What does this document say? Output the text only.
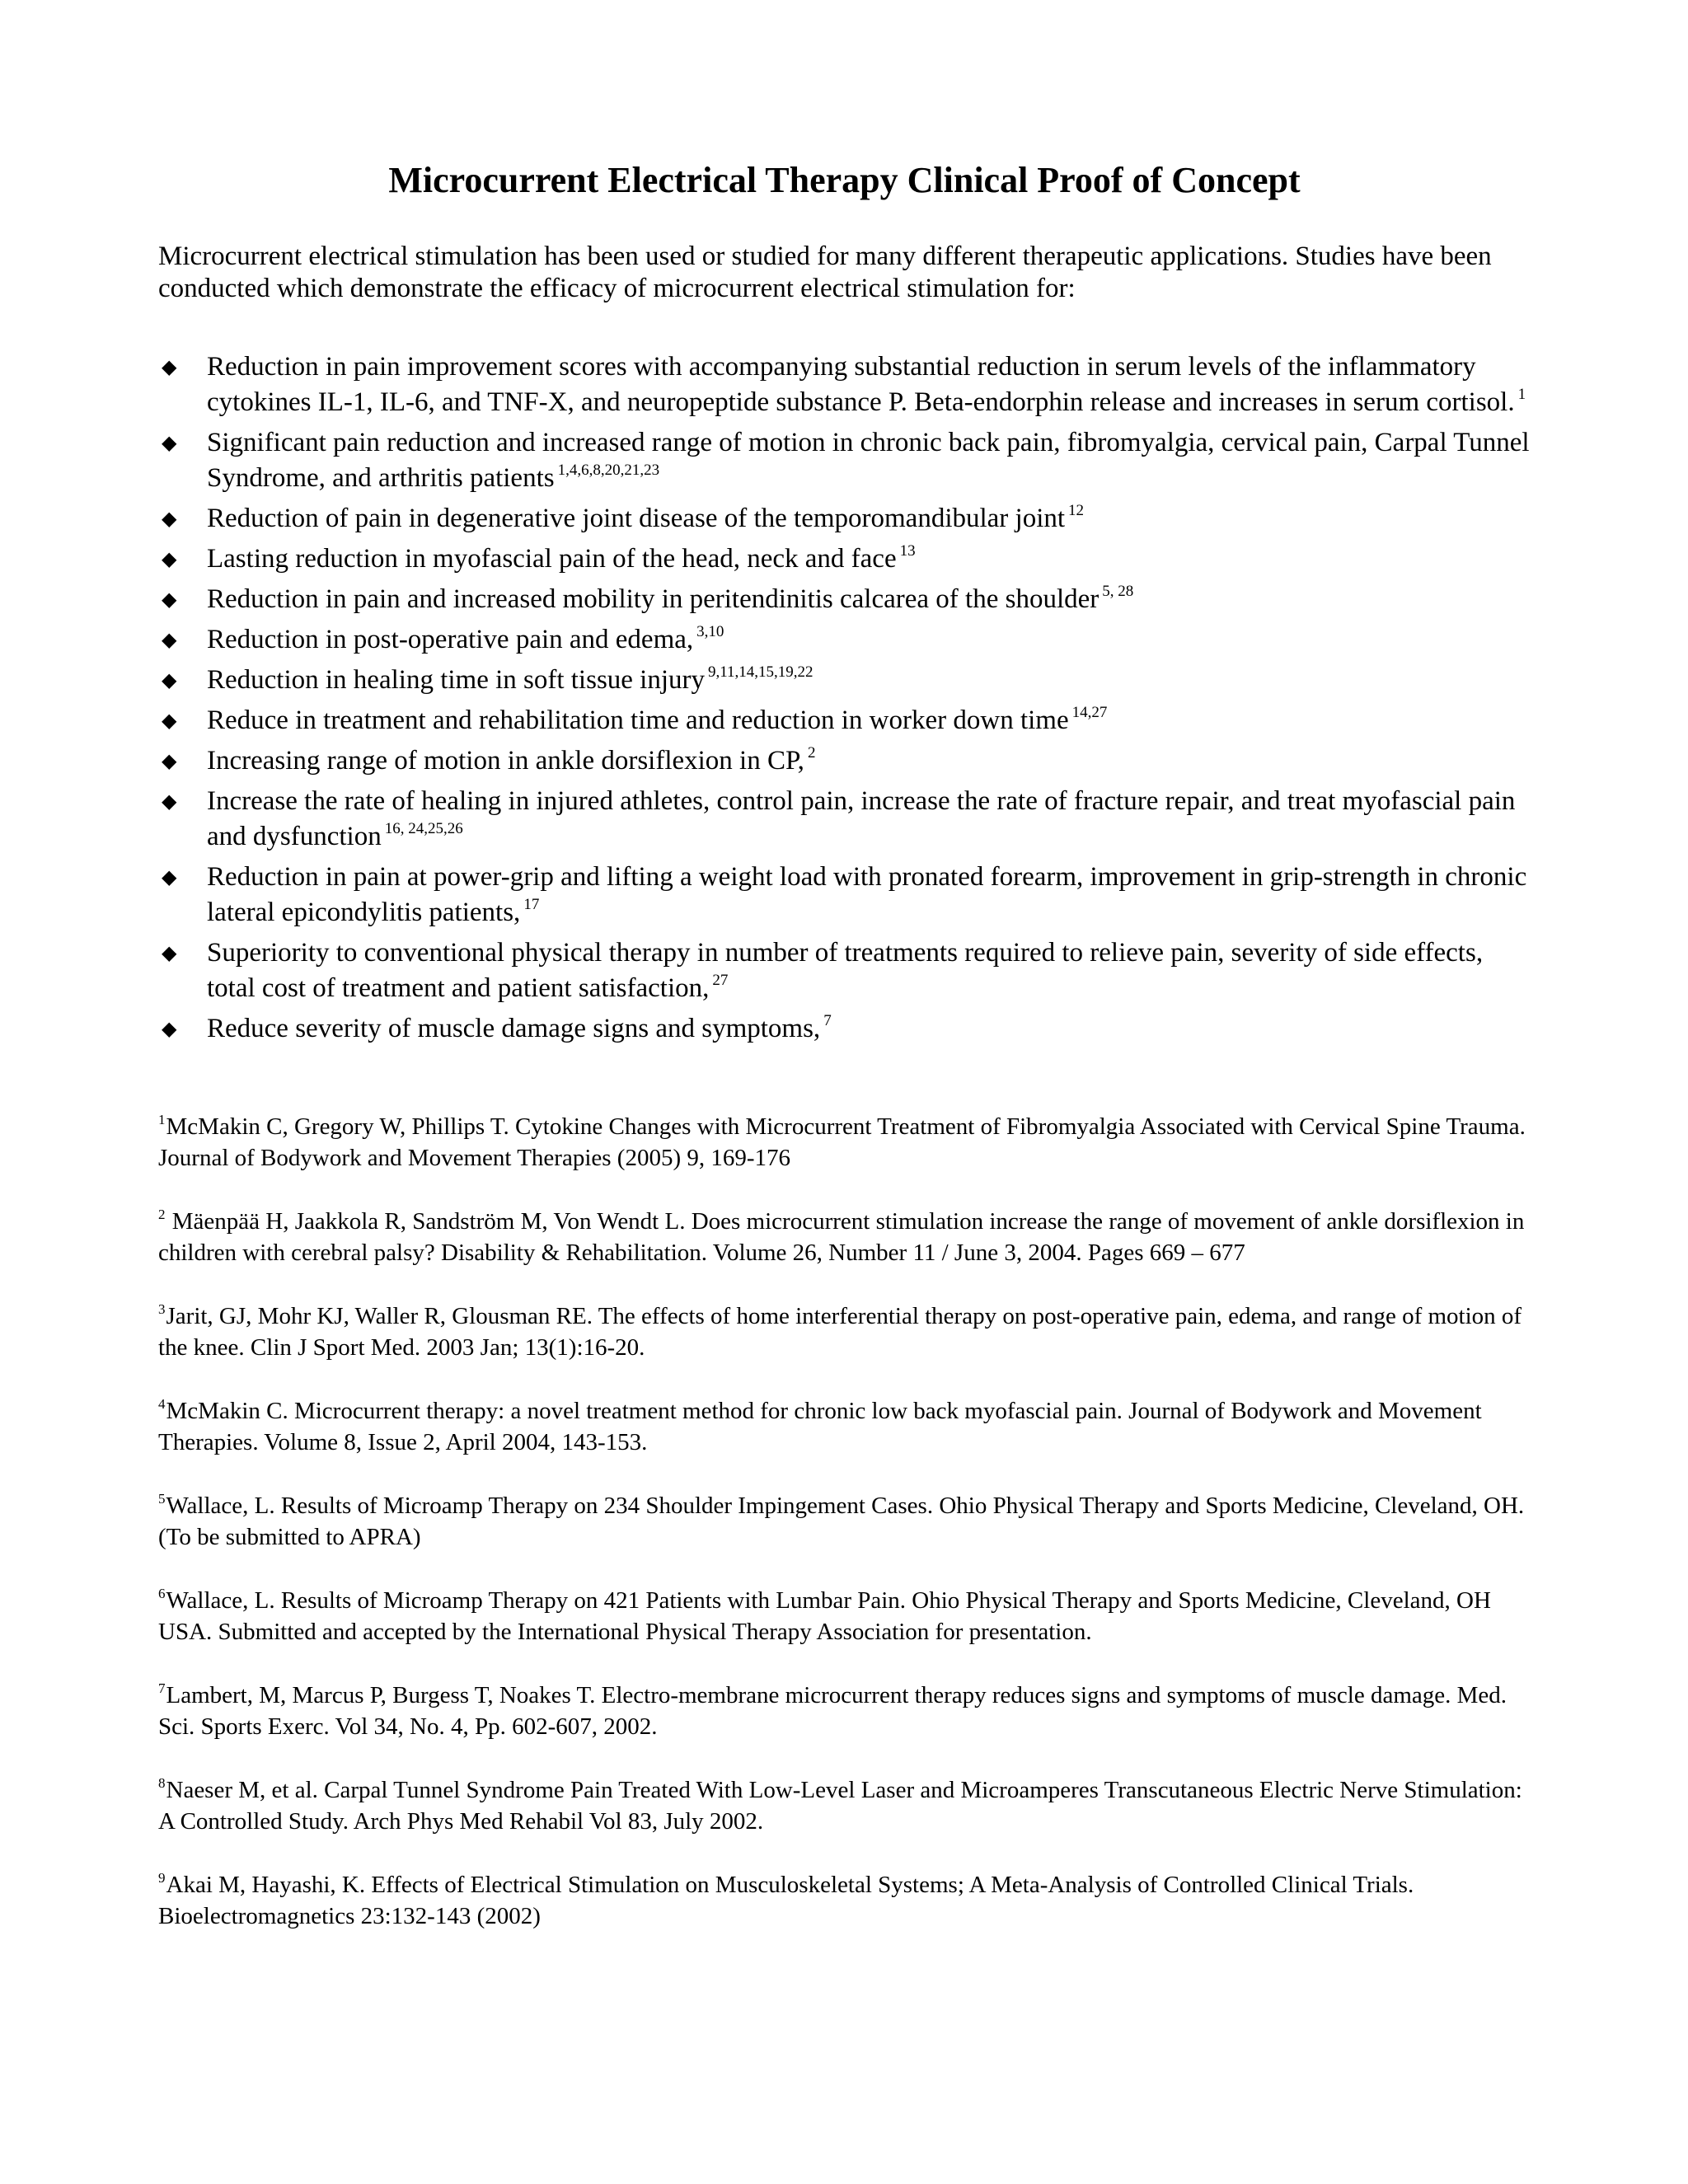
Microcurrent Electrical Therapy Clinical Proof of Concept

Microcurrent electrical stimulation has been used or studied for many different therapeutic applications. Studies have been conducted which demonstrate the efficacy of microcurrent electrical stimulation for:

◆ Reduction in pain improvement scores with accompanying substantial reduction in serum levels of the inflammatory cytokines IL-1, IL-6, and TNF-X, and neuropeptide substance P. Beta-endorphin release and increases in serum cortisol. $^1$
◆ Significant pain reduction and increased range of motion in chronic back pain, fibromyalgia, cervical pain, Carpal Tunnel Syndrome, and arthritis patients $^{1,4,6,8,20,21,23}$
◆ Reduction of pain in degenerative joint disease of the temporomandibular joint $^{12}$
◆ Lasting reduction in myofascial pain of the head, neck and face $^{13}$
◆ Reduction in pain and increased mobility in peritendinitis calcarea of the shoulder $^{5, 28}$
◆ Reduction in post-operative pain and edema, $^{3,10}$
◆ Reduction in healing time in soft tissue injury $^{9,11,14,15,19,22}$
◆ Reduce in treatment and rehabilitation time and reduction in worker down time $^{14,27}$
◆ Increasing range of motion in ankle dorsiflexion in CP, $^2$
◆ Increase the rate of healing in injured athletes, control pain, increase the rate of fracture repair, and treat myofascial pain and dysfunction $^{16, 24,25,26}$
◆ Reduction in pain at power-grip and lifting a weight load with pronated forearm, improvement in grip-strength in chronic lateral epicondylitis patients, $^{17}$
◆ Superiority to conventional physical therapy in number of treatments required to relieve pain, severity of side effects, total cost of treatment and patient satisfaction, $^{27}$
◆ Reduce severity of muscle damage signs and symptoms, $^7$

$^1$McMakin C, Gregory W, Phillips T. Cytokine Changes with Microcurrent Treatment of Fibromyalgia Associated with Cervical Spine Trauma. Journal of Bodywork and Movement Therapies (2005) 9, 169-176

$^2$ Mäenpää H, Jaakkola R, Sandström M, Von Wendt L. Does microcurrent stimulation increase the range of movement of ankle dorsiflexion in children with cerebral palsy? Disability & Rehabilitation. Volume 26, Number 11 / June 3, 2004. Pages 669 – 677

$^3$Jarit, GJ, Mohr KJ, Waller R, Glousman RE. The effects of home interferential therapy on post-operative pain, edema, and range of motion of the knee. Clin J Sport Med. 2003 Jan; 13(1):16-20.

$^4$McMakin C. Microcurrent therapy: a novel treatment method for chronic low back myofascial pain. Journal of Bodywork and Movement Therapies. Volume 8, Issue 2, April 2004, 143-153.

$^5$Wallace, L. Results of Microamp Therapy on 234 Shoulder Impingement Cases. Ohio Physical Therapy and Sports Medicine, Cleveland, OH. (To be submitted to APRA)

$^6$Wallace, L. Results of Microamp Therapy on 421 Patients with Lumbar Pain. Ohio Physical Therapy and Sports Medicine, Cleveland, OH USA. Submitted and accepted by the International Physical Therapy Association for presentation.

$^7$Lambert, M, Marcus P, Burgess T, Noakes T. Electro-membrane microcurrent therapy reduces signs and symptoms of muscle damage. Med. Sci. Sports Exerc. Vol 34, No. 4, Pp. 602-607, 2002.

$^8$Naeser M, et al. Carpal Tunnel Syndrome Pain Treated With Low-Level Laser and Microamperes Transcutaneous Electric Nerve Stimulation: A Controlled Study. Arch Phys Med Rehabil Vol 83, July 2002.

$^9$Akai M, Hayashi, K. Effects of Electrical Stimulation on Musculoskeletal Systems; A Meta-Analysis of Controlled Clinical Trials. Bioelectromagnetics 23:132-143 (2002)
